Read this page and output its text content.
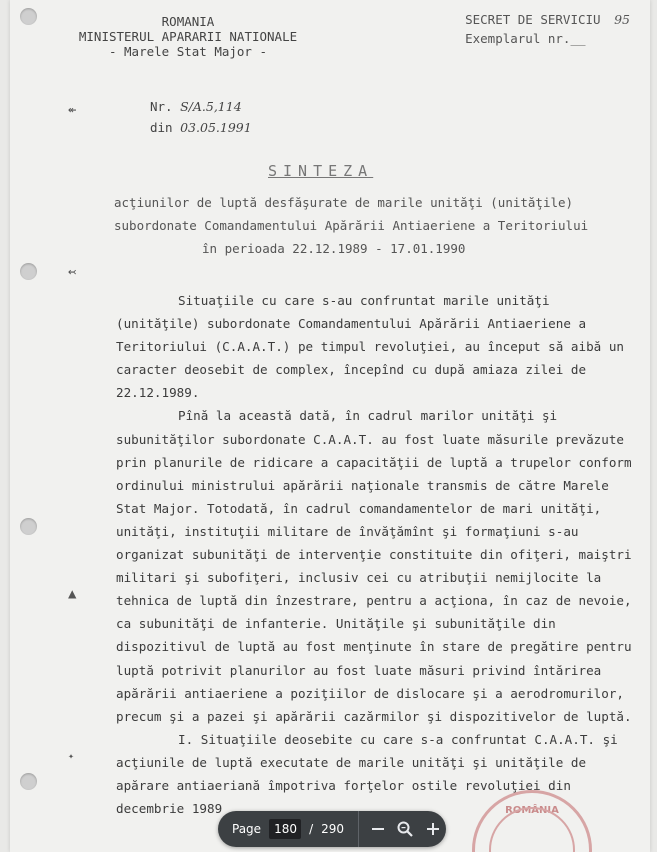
↞
↢
▲
✦
ROMANIA
MINISTERUL APARARII NATIONALE
- Marele Stat Major -
SECRET DE SERVICIU 95
Exemplarul nr.__
Nr. S/A.5,114
din 03.05.1991
SINTEZA
acţiunilor de luptă desfăşurate de marile unităţi (unităţile)
subordonate Comandamentului Apărării Antiaeriene a Teritoriului
în perioada 22.12.1989 - 17.01.1990

Situaţiile cu care s-au confruntat marile unităţi (unităţile) subordonate Comandamentului Apărării Antiaeriene a Teritoriului (C.A.A.T.) pe timpul revoluţiei, au început să aibă un caracter deosebit de complex, începînd cu după amiaza zilei de 22.12.1989.

Pînă la această dată, în cadrul marilor unităţi şi subunităţilor subordonate C.A.A.T. au fost luate măsurile prevăzute prin planurile de ridicare a capacităţii de luptă a trupelor conform ordinului ministrului apărării naţionale transmis de către Marele Stat Major. Totodată, în cadrul comandamentelor de mari unităţi, unităţi, instituţii militare de învăţămînt şi formaţiuni s-au organizat subunităţi de intervenţie constituite din ofiţeri, maiştri militari şi subofiţeri, inclusiv cei cu atribuţii nemijlocite la tehnica de luptă din înzestrare, pentru a acţiona, în caz de nevoie, ca subunităţi de infanterie. Unităţile şi subunităţile din dispozitivul de luptă au fost menţinute în stare de pregătire pentru luptă potrivit planurilor au fost luate măsuri privind întărirea apărării antiaeriene a poziţiilor de dislocare şi a aerodromurilor, precum şi a pazei şi apărării cazărmilor şi dispozitivelor de luptă.

I. Situaţiile deosebite cu care s-a confruntat C.A.A.T. şi acţiunile de luptă executate de marile unităţi şi unităţile de apărare antiaeriană împotriva forţelor ostile revoluţiei din decembrie 1989	ROMÂNIA
Page	180	/ 290
